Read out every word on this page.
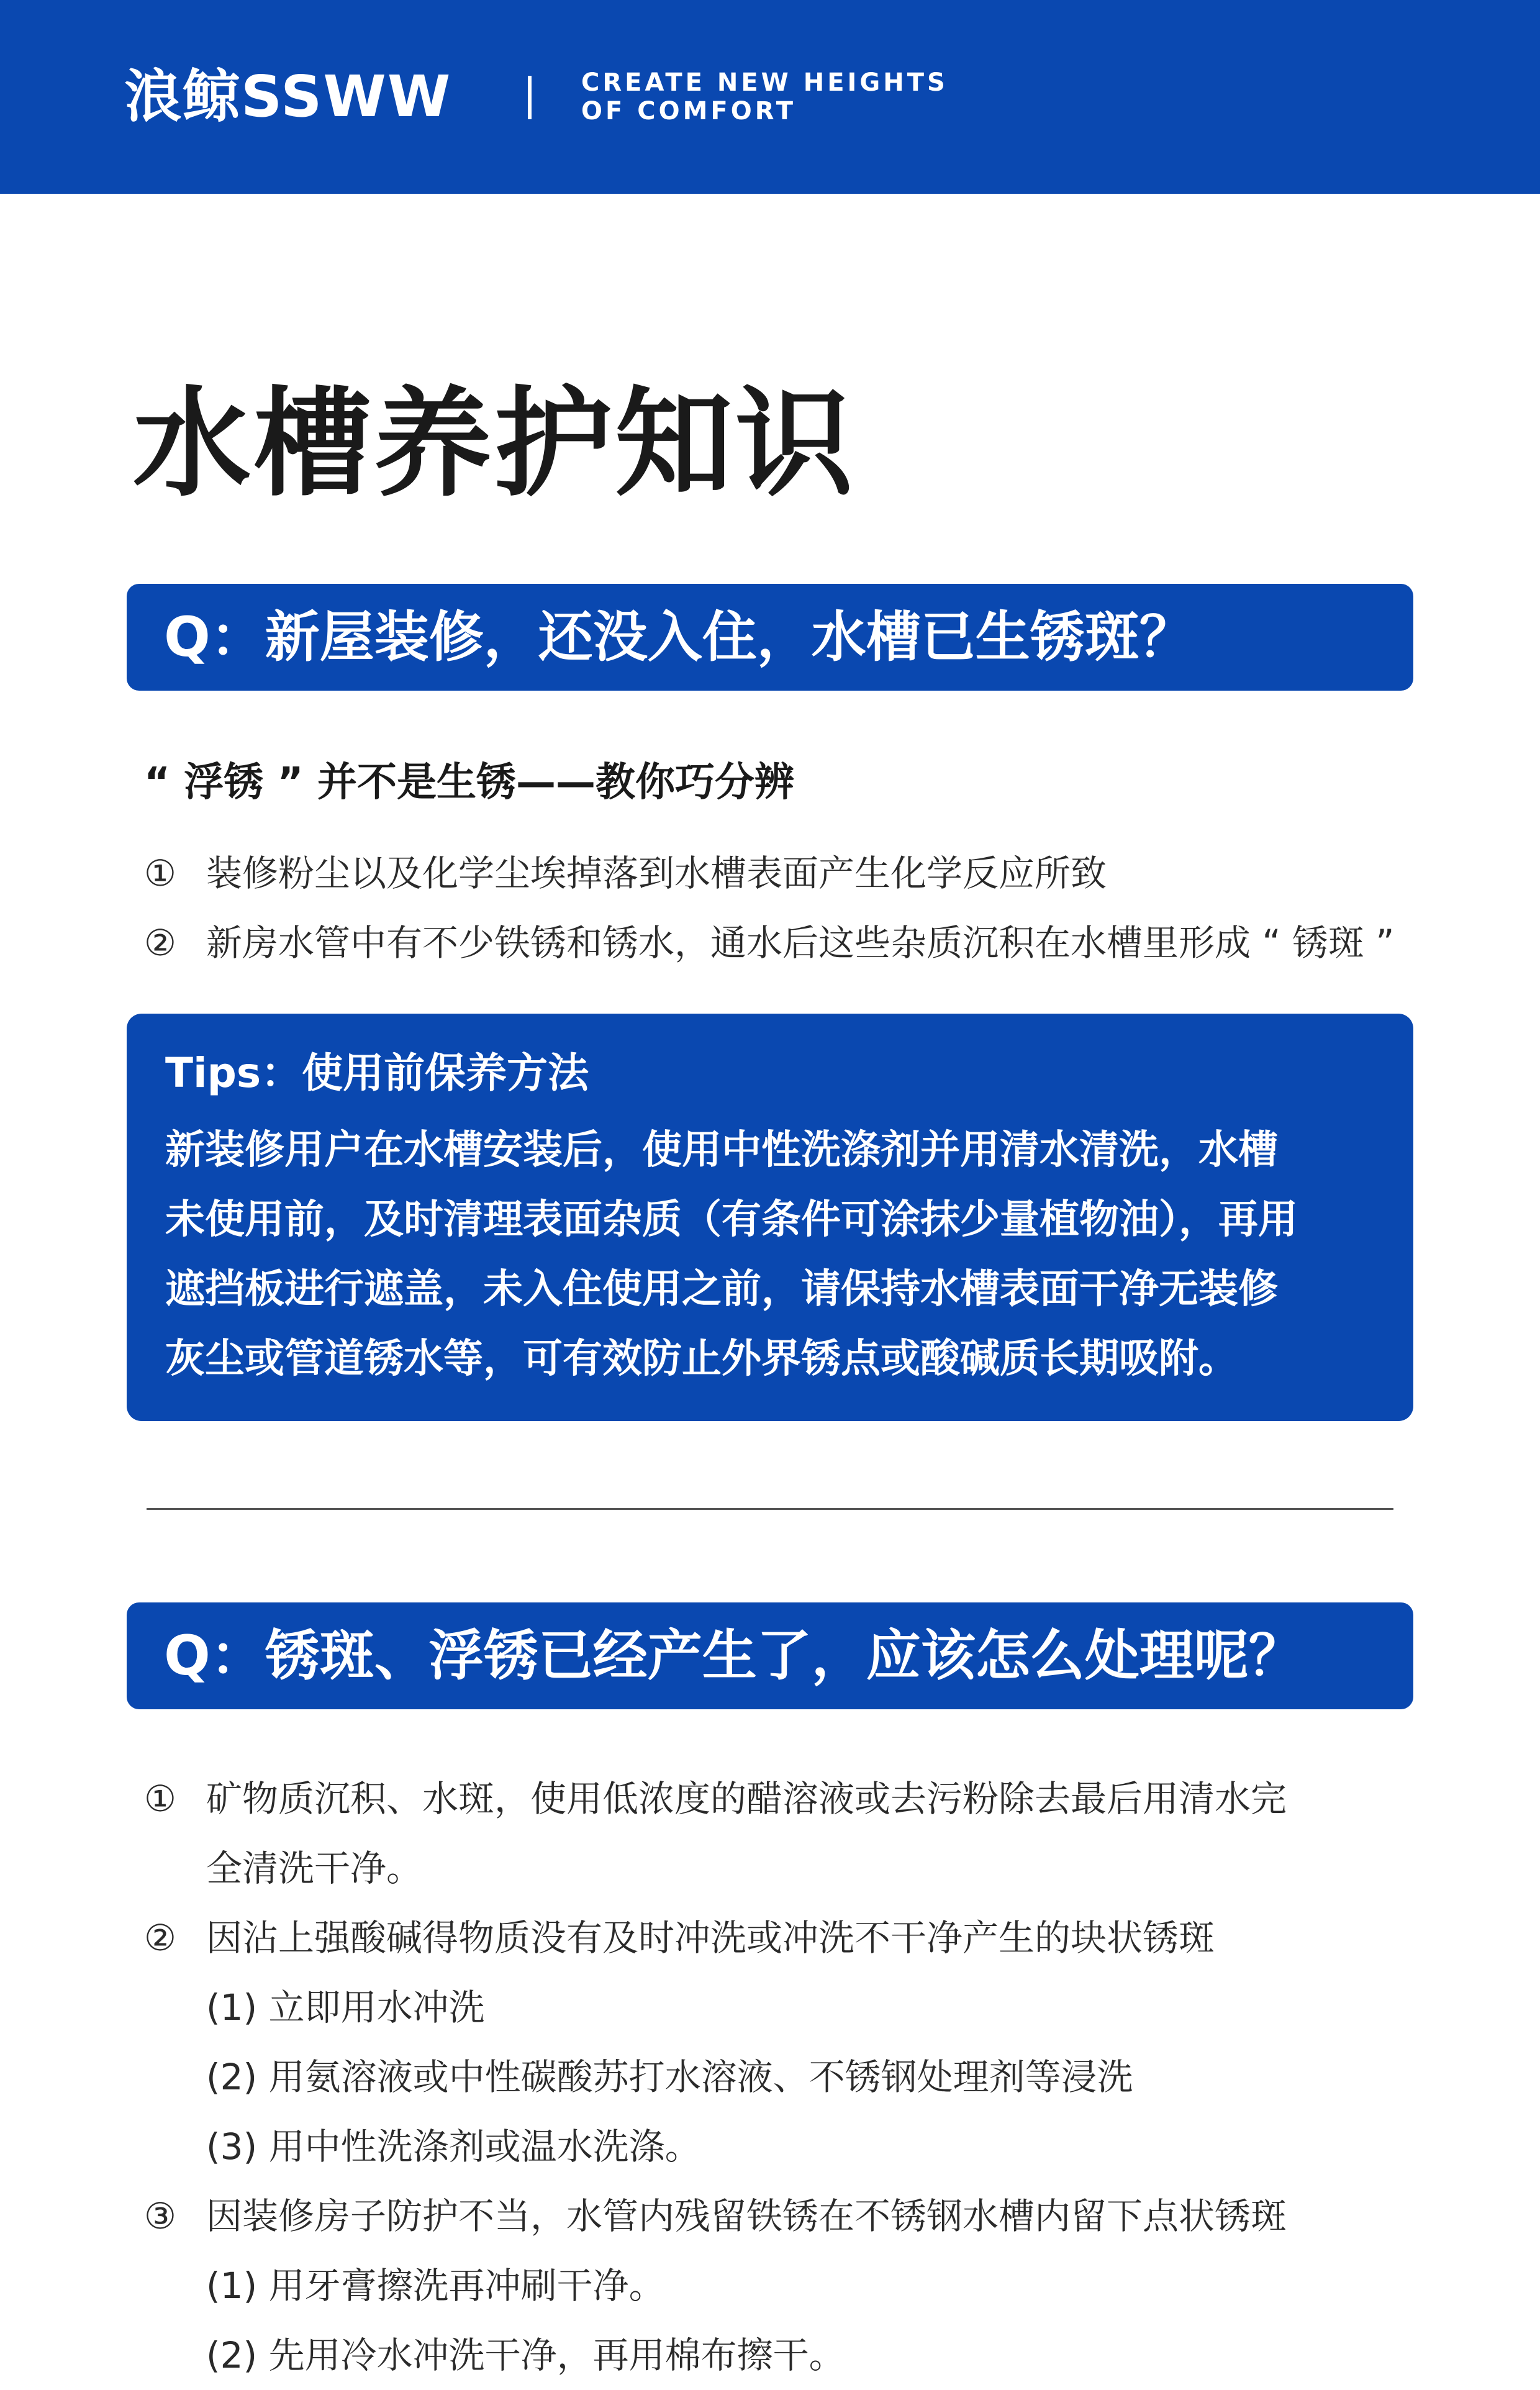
浪鲸SSWW	CREATE NEW HEIGHTS
OF COMFORT
水槽养护知识
Q：新屋装修，还没入住，水槽已生锈斑？
“ 浮锈 ” 并不是生锈——教你巧分辨
① 装修粉尘以及化学尘埃掉落到水槽表面产生化学反应所致
② 新房水管中有不少铁锈和锈水，通水后这些杂质沉积在水槽里形成 “ 锈斑 ”
Tips：使用前保养方法
新装修用户在水槽安装后，使用中性洗涤剂并用清水清洗，水槽
未使用前，及时清理表面杂质（有条件可涂抹少量植物油），再用
遮挡板进行遮盖，未入住使用之前，请保持水槽表面干净无装修
灰尘或管道锈水等，可有效防止外界锈点或酸碱质长期吸附。
Q：锈斑、浮锈已经产生了，应该怎么处理呢？
① 矿物质沉积、水斑，使用低浓度的醋溶液或去污粉除去最后用清水完
全清洗干净。
② 因沾上强酸碱得物质没有及时冲洗或冲洗不干净产生的块状锈斑
(1) 立即用水冲洗
(2) 用氨溶液或中性碳酸苏打水溶液、不锈钢处理剂等浸洗
(3) 用中性洗涤剂或温水洗涤。
③ 因装修房子防护不当，水管内残留铁锈在不锈钢水槽内留下点状锈斑
(1) 用牙膏擦洗再冲刷干净。
(2) 先用冷水冲洗干净，再用棉布擦干。
